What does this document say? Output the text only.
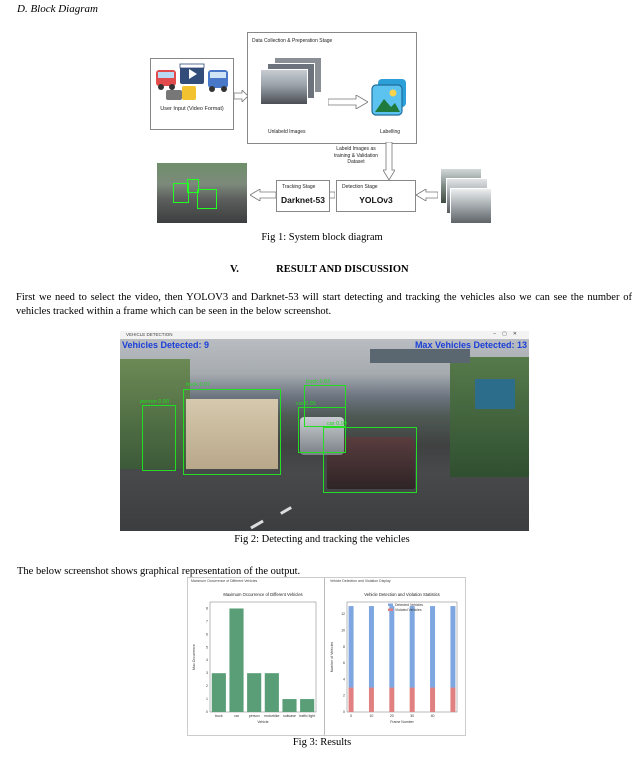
D. Block Diagram
User Input (Video Format)
Data Collection & Preperation Stage
Unlabeld Images	Labelling
Labeld Images as training & Validation Dataset
Detection Stage
YOLOv3
Tracking Stage
Darknet-53
Fig 1: System block diagram
V.	RESULT AND DISCUSSION
First we need to select the video, then YOLOV3 and Darknet-53 will start detecting and tracking the vehicles also we can see the number of vehicles tracked within a frame which can be seen in the below screenshot.
VEHICLE DETECTION	–▢✕
Vehicles Detected: 9	Max Vehicles Detected: 13
truck 0.97
person 0.90
truck 0.83
car 0.99
car 0.95
Fig 2: Detecting and tracking the vehicles
The below screenshot shows graphical representation of the output.
Maximum Occurrence of Different Vehicles
Maximum Occurrence of Different Vehicles
0
1
2
3
4
5
6
7
8
truck	car	person motorbike suitcase traffic light
Vehicle
Max Occurrence
Vehicle Detection and Violation Display
Vehicle Detection and Violation Statistics
0
2
4
6
8
10
12
0	10	20	30	40
Frame Number
Number of Vehicles
Detected Vehicles
Violated Vehicles
Fig 3: Results
